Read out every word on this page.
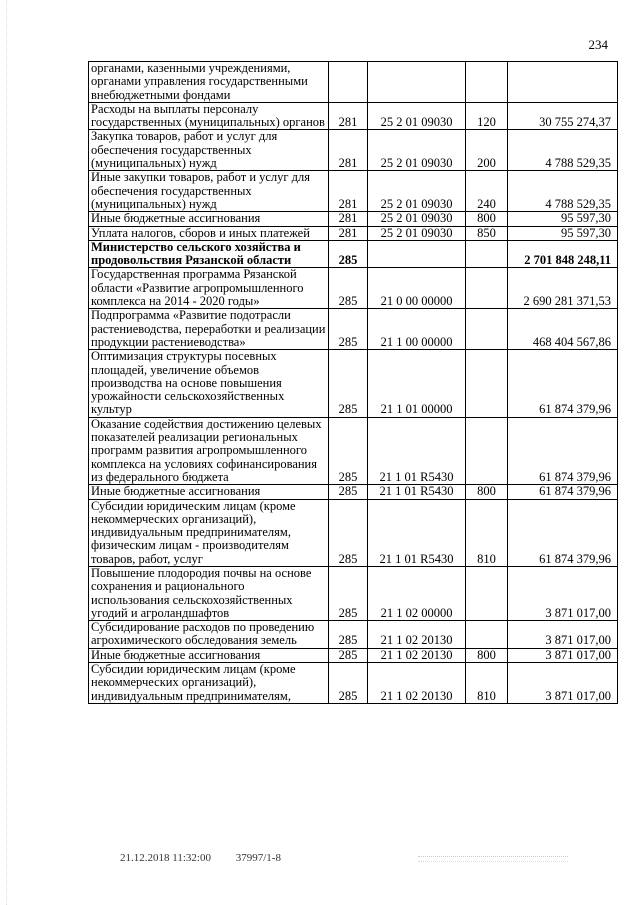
234
органами, казенными учреждениями, органами управления государственными внебюджетными фондами				
Расходы на выплаты персоналу государственных (муниципальных) органов	281	25 2 01 09030	120	30 755 274,37
Закупка товаров, работ и услуг для обеспечения государственных (муниципальных) нужд	281	25 2 01 09030	200	4 788 529,35
Иные закупки товаров, работ и услуг для обеспечения государственных (муниципальных) нужд	281	25 2 01 09030	240	4 788 529,35
Иные бюджетные ассигнования	281	25 2 01 09030	800	95 597,30
Уплата налогов, сборов и иных платежей	281	25 2 01 09030	850	95 597,30
Министерство сельского хозяйства и продовольствия Рязанской области	285			2 701 848 248,11
Государственная программа Рязанской области «Развитие агропромышленного комплекса на 2014 - 2020 годы»	285	21 0 00 00000		2 690 281 371,53
Подпрограмма «Развитие подотрасли растениеводства, переработки и реализации продукции растениеводства»	285	21 1 00 00000		468 404 567,86
Оптимизация структуры посевных площадей, увеличение объемов производства на основе повышения урожайности сельскохозяйственных культур	285	21 1 01 00000		61 874 379,96
Оказание содействия достижению целевых показателей реализации региональных программ развития агропромышленного комплекса на условиях софинансирования из федерального бюджета	285	21 1 01 R5430		61 874 379,96
Иные бюджетные ассигнования	285	21 1 01 R5430	800	61 874 379,96
Субсидии юридическим лицам (кроме некоммерческих организаций), индивидуальным предпринимателям, физическим лицам - производителям товаров, работ, услуг	285	21 1 01 R5430	810	61 874 379,96
Повышение плодородия почвы на основе сохранения и рационального использования сельскохозяйственных угодий и агроландшафтов	285	21 1 02 00000		3 871 017,00
Субсидирование расходов по проведению агрохимического обследования земель	285	21 1 02 20130		3 871 017,00
Иные бюджетные ассигнования	285	21 1 02 20130	800	3 871 017,00
Субсидии юридическим лицам (кроме некоммерческих организаций), индивидуальным предпринимателям,	285	21 1 02 20130	810	3 871 017,00
21.12.2018 11:32:00 37997/1-8
